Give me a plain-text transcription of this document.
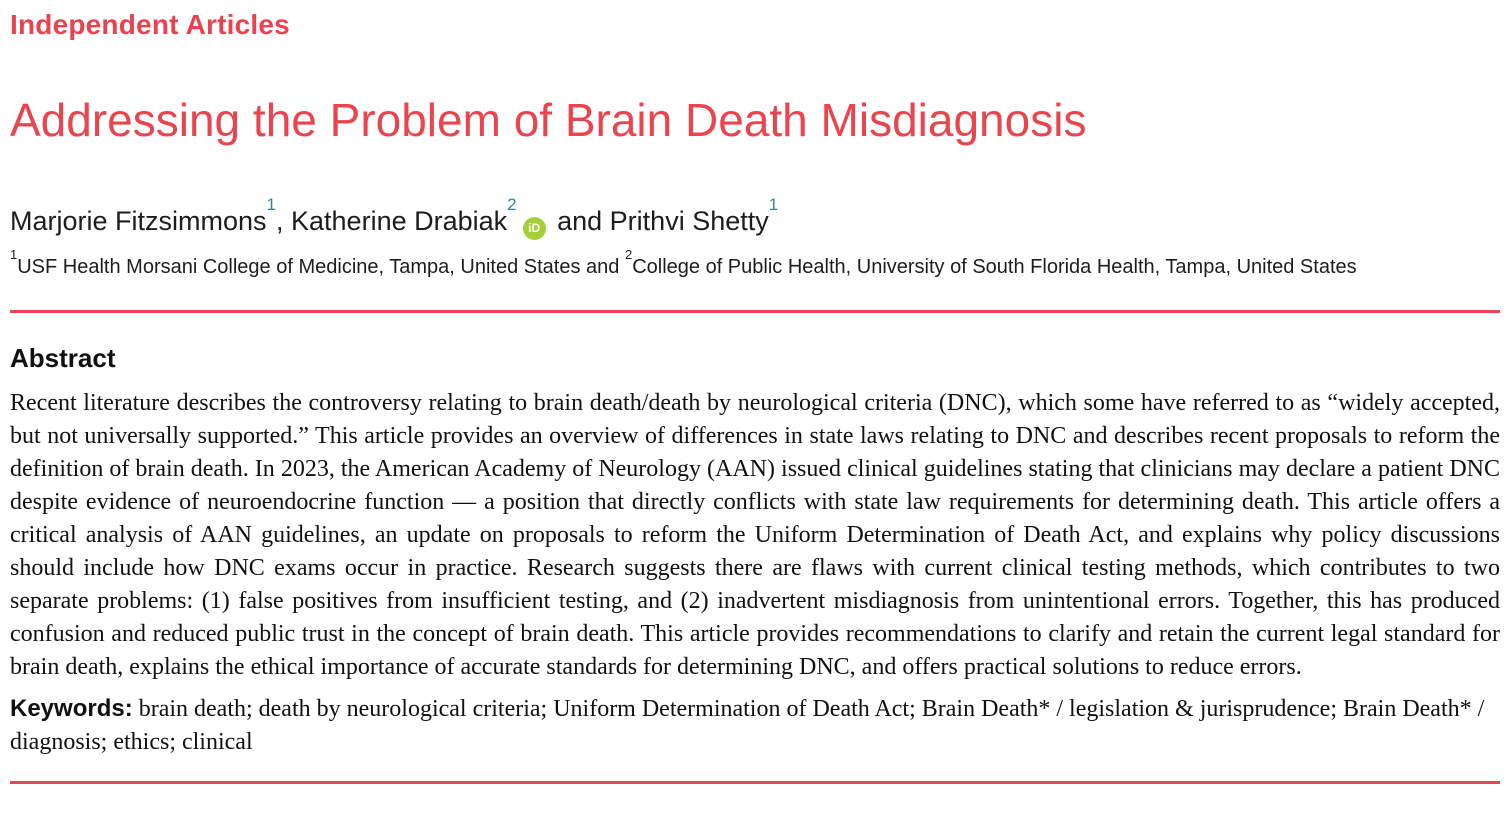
Independent Articles
Addressing the Problem of Brain Death Misdiagnosis
Marjorie Fitzsimmons$^1$, Katherine Drabiak$^2$iD and Prithvi Shetty$^1$
$^1$USF Health Morsani College of Medicine, Tampa, United States and $^2$College of Public Health, University of South Florida Health, Tampa, United States
Abstract

Recent literature describes the controversy relating to brain death/death by neurological criteria (DNC), which some have referred to as “widely accepted, but not universally supported.” This article provides an overview of differences in state laws relating to DNC and describes recent proposals to reform the definition of brain death. In 2023, the American Academy of Neurology (AAN) issued clinical guidelines stating that clinicians may declare a patient DNC despite evidence of neuroendocrine function — a position that directly conflicts with state law requirements for determining death. This article offers a critical analysis of AAN guidelines, an update on proposals to reform the Uniform Determination of Death Act, and explains why policy discussions should include how DNC exams occur in practice. Research suggests there are flaws with current clinical testing methods, which contributes to two separate problems: (1) false positives from insufficient testing, and (2) inadvertent misdiagnosis from unintentional errors. Together, this has produced confusion and reduced public trust in the concept of brain death. This article provides recommendations to clarify and retain the current legal standard for brain death, explains the ethical importance of accurate standards for determining DNC, and offers practical solutions to reduce errors.

Keywords: brain death; death by neurological criteria; Uniform Determination of Death Act; Brain Death* / legislation & jurisprudence; Brain Death* / diagnosis; ethics; clinical
